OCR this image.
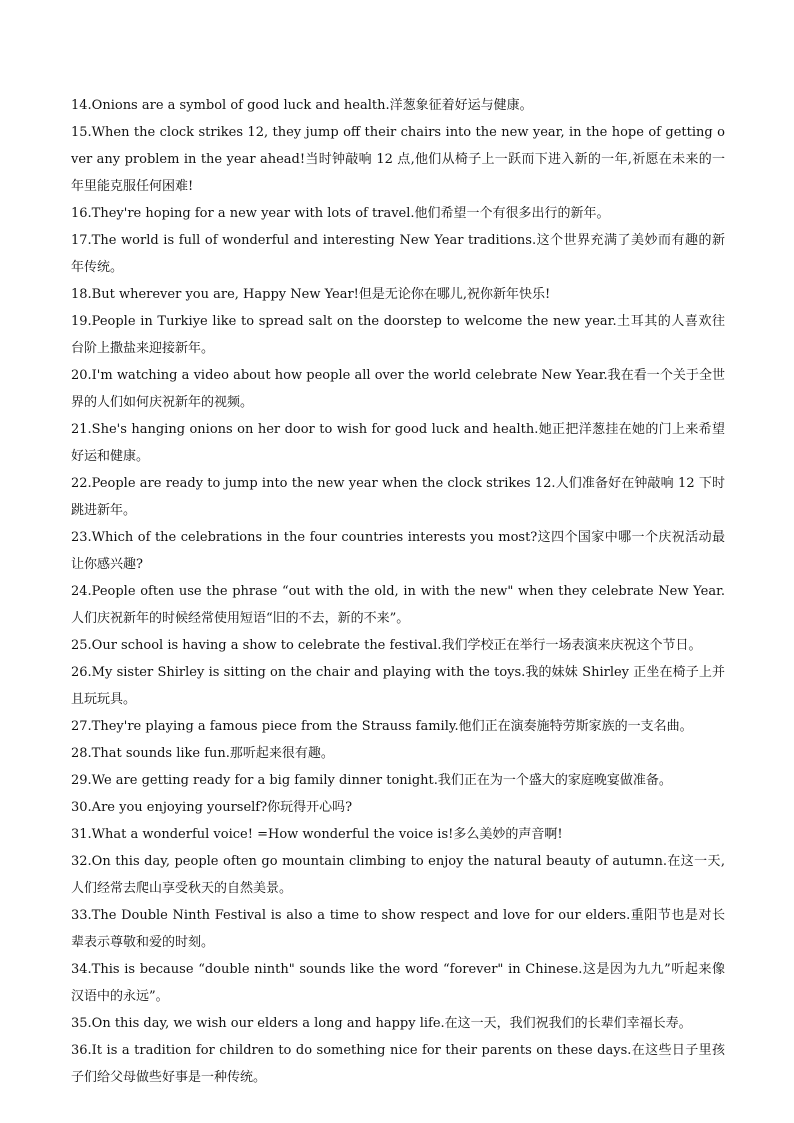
14.Onions are a symbol of good luck and health.洋葱象征着好运与健康。

15.When the clock strikes 12, they jump off their chairs into the new year, in the hope of getting over any problem in the year ahead!当时钟敲响 12 点,他们从椅子上一跃而下进入新的一年,祈愿在未来的一年里能克服任何困难!

16.They're hoping for a new year with lots of travel.他们希望一个有很多出行的新年。

17.The world is full of wonderful and interesting New Year traditions.这个世界充满了美妙而有趣的新年传统。

18.But wherever you are, Happy New Year!但是无论你在哪儿,祝你新年快乐!

19.People in Turkiye like to spread salt on the doorstep to welcome the new year.土耳其的人喜欢往台阶上撒盐来迎接新年。

20.I'm watching a video about how people all over the world celebrate New Year.我在看一个关于全世界的人们如何庆祝新年的视频。

21.She's hanging onions on her door to wish for good luck and health.她正把洋葱挂在她的门上来希望好运和健康。

22.People are ready to jump into the new year when the clock strikes 12.人们准备好在钟敲响 12 下时跳进新年。

23.Which of the celebrations in the four countries interests you most?这四个国家中哪一个庆祝活动最让你感兴趣?

24.People often use the phrase “out with the old, in with the new" when they celebrate New Year.人们庆祝新年的时候经常使用短语“旧的不去，新的不来”。

25.Our school is having a show to celebrate the festival.我们学校正在举行一场表演来庆祝这个节日。

26.My sister Shirley is sitting on the chair and playing with the toys.我的妹妹 Shirley 正坐在椅子上并且玩玩具。

27.They're playing a famous piece from the Strauss family.他们正在演奏施特劳斯家族的一支名曲。

28.That sounds like fun.那听起来很有趣。

29.We are getting ready for a big family dinner tonight.我们正在为一个盛大的家庭晚宴做准备。

30.Are you enjoying yourself?你玩得开心吗?

31.What a wonderful voice! =How wonderful the voice is!多么美妙的声音啊!

32.On this day, people often go mountain climbing to enjoy the natural beauty of autumn.在这一天,人们经常去爬山享受秋天的自然美景。

33.The Double Ninth Festival is also a time to show respect and love for our elders.重阳节也是对长辈表示尊敬和爱的时刻。

34.This is because “double ninth" sounds like the word “forever" in Chinese.这是因为九九”听起来像汉语中的永远”。

35.On this day, we wish our elders a long and happy life.在这一天，我们祝我们的长辈们幸福长寿。

36.It is a tradition for children to do something nice for their parents on these days.在这些日子里孩子们给父母做些好事是一种传统。
